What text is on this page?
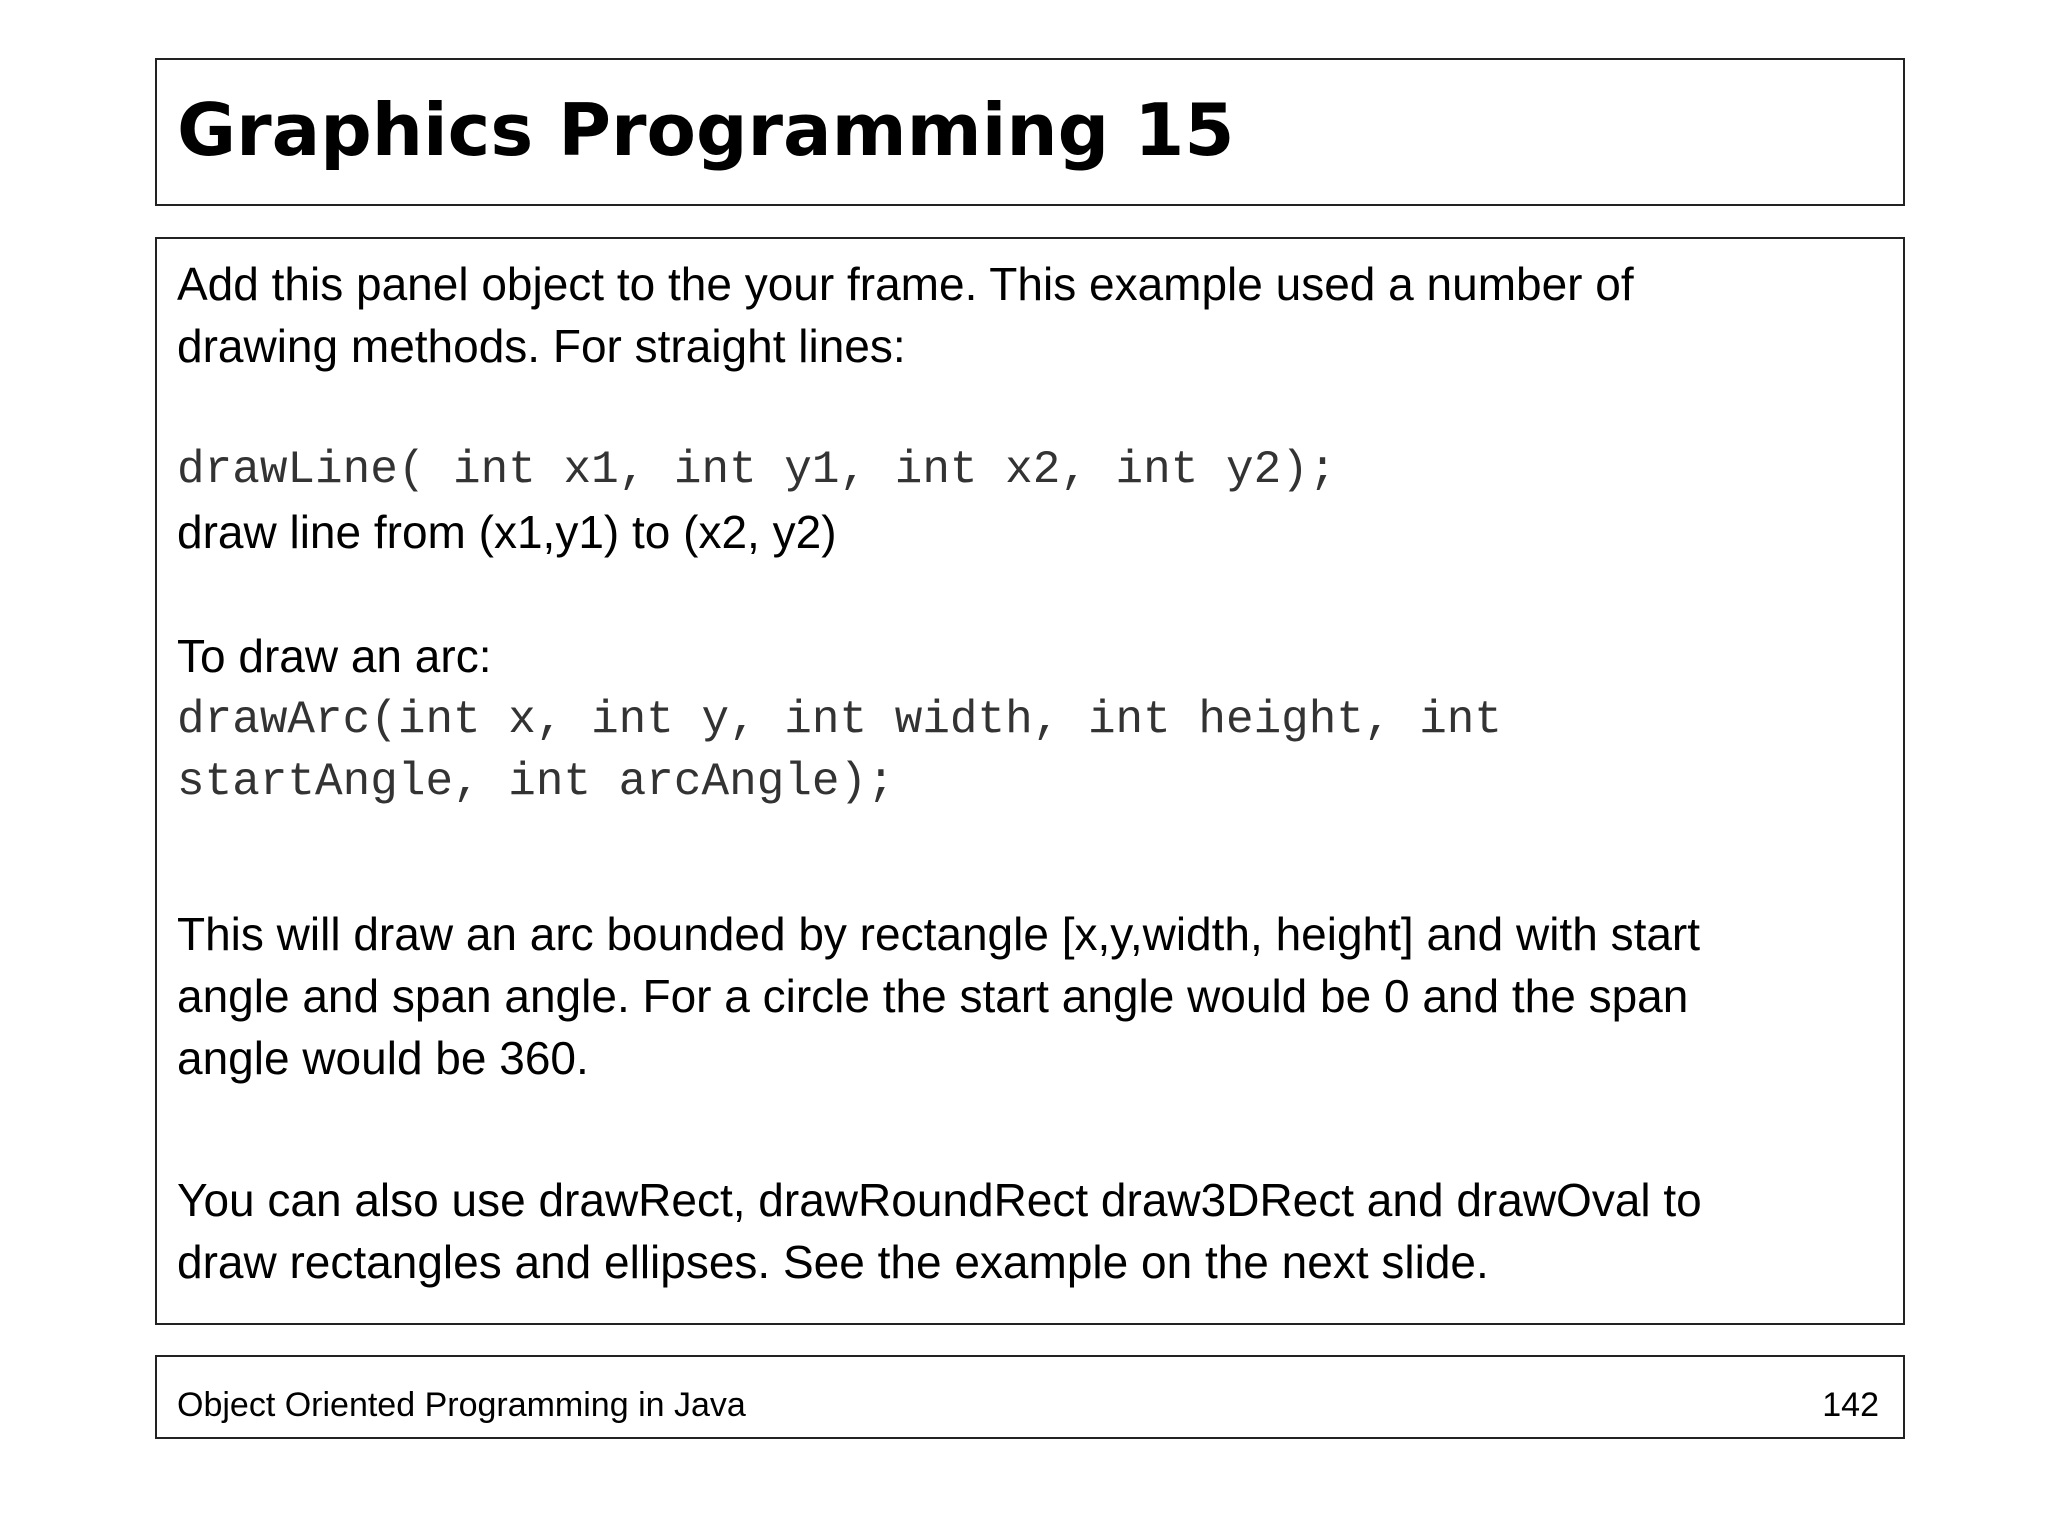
Graphics Programming 15

Add this panel object to the your frame. This example used a number of
drawing methods. For straight lines:

drawLine( int x1, int y1, int x2, int y2);

draw line from (x1,y1) to (x2, y2)

To draw an arc:

drawArc(int x, int y, int width, int height, int
startAngle, int arcAngle);

This will draw an arc bounded by rectangle [x,y,width, height] and with start
angle and span angle. For a circle the start angle would be 0 and the span
angle would be 360.

You can also use drawRect, drawRoundRect draw3DRect and drawOval to
draw rectangles and ellipses. See the example on the next slide.

Object Oriented Programming in Java	142
